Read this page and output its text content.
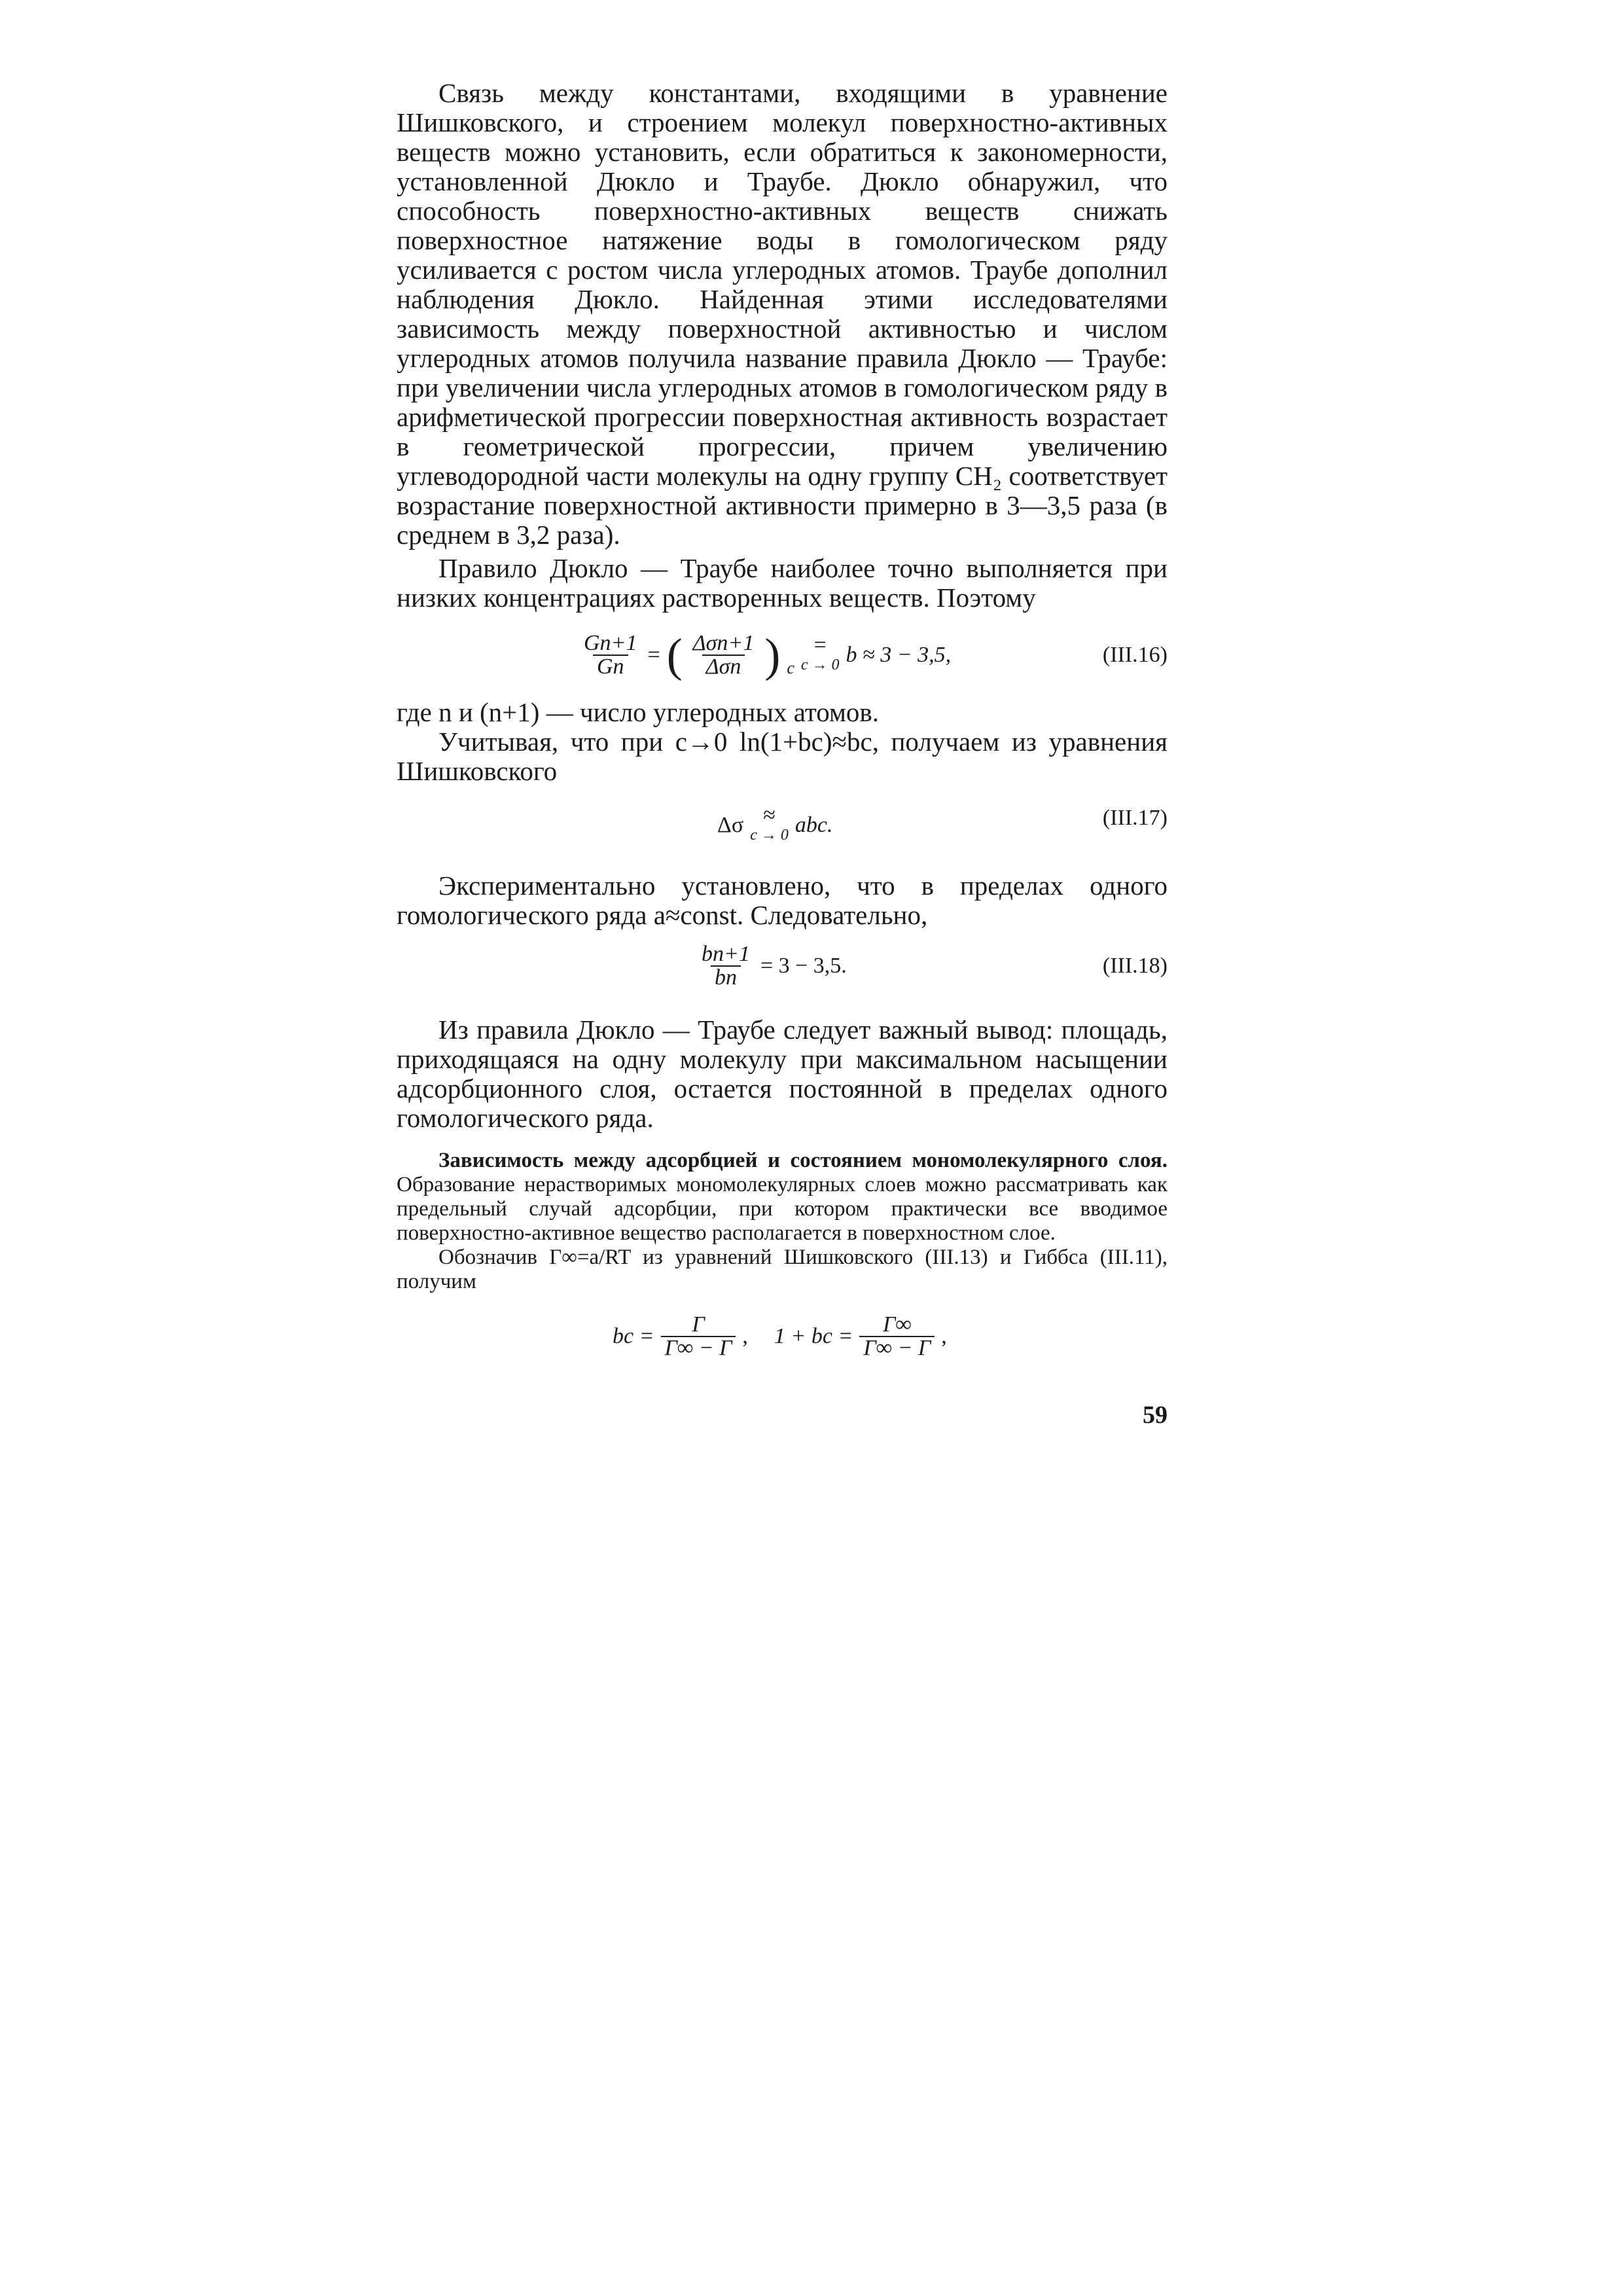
Связь между константами, входящими в уравнение Шишковского, и строением молекул поверхностно-активных веществ можно установить, если обратиться к закономерности, установленной Дюкло и Траубе. Дюкло обнаружил, что способность поверхностно-активных веществ снижать поверхностное натяжение воды в гомологическом ряду усиливается с ростом числа углеродных атомов. Траубе дополнил наблюдения Дюкло. Найденная этими исследователями зависимость между поверхностной активностью и числом углеродных атомов получила название правила Дюкло — Траубе: при увеличении числа углеродных атомов в гомологическом ряду в арифметической прогрессии поверхностная активность возрастает в геометрической прогрессии, причем увеличению углеводородной части молекулы на одну группу CH₂ соответствует возрастание поверхностной активности примерно в 3—3,5 раза (в среднем в 3,2 раза).

Правило Дюкло — Траубе наиболее точно выполняется при низких концентрациях растворенных веществ. Поэтому

$\frac{Gn+1}{Gn}$ = ( $\frac{\text{Δσn+1}}{\text{Δσn}}$ ) c
=
c → 0 b ≈ 3 − 3,5,	(III.16)

где n и (n+1) — число углеродных атомов.

Учитывая, что при c→0 ln(1+bc)≈bc, получаем из уравнения Шишковского

Δσ ≈
c → 0 abc.	(III.17)

Экспериментально установлено, что в пределах одного гомологического ряда a≈const. Следовательно,

$\frac{bn+1}{bn} = 3 - 3,5$.	(III.18)

Из правила Дюкло — Траубе следует важный вывод: площадь, приходящаяся на одну молекулу при максимальном насыщении адсорбционного слоя, остается постоянной в пределах одного гомологического ряда.

Зависимость между адсорбцией и состоянием мономолекулярного слоя. Образование нерастворимых мономолекулярных слоев можно рассматривать как предельный случай адсорбции, при котором практически все вводимое поверхностно-активное вещество располагается в поверхностном слое.

Обозначив Γ∞=a/RT из уравнений Шишковского (III.13) и Гиббса (III.11), получим

bc = $\frac{\Gamma}{\Gamma\infty - \Gamma}$ , 1 + bc = $\frac{\Gamma\infty}{\Gamma\infty - \Gamma}$ ,
59
